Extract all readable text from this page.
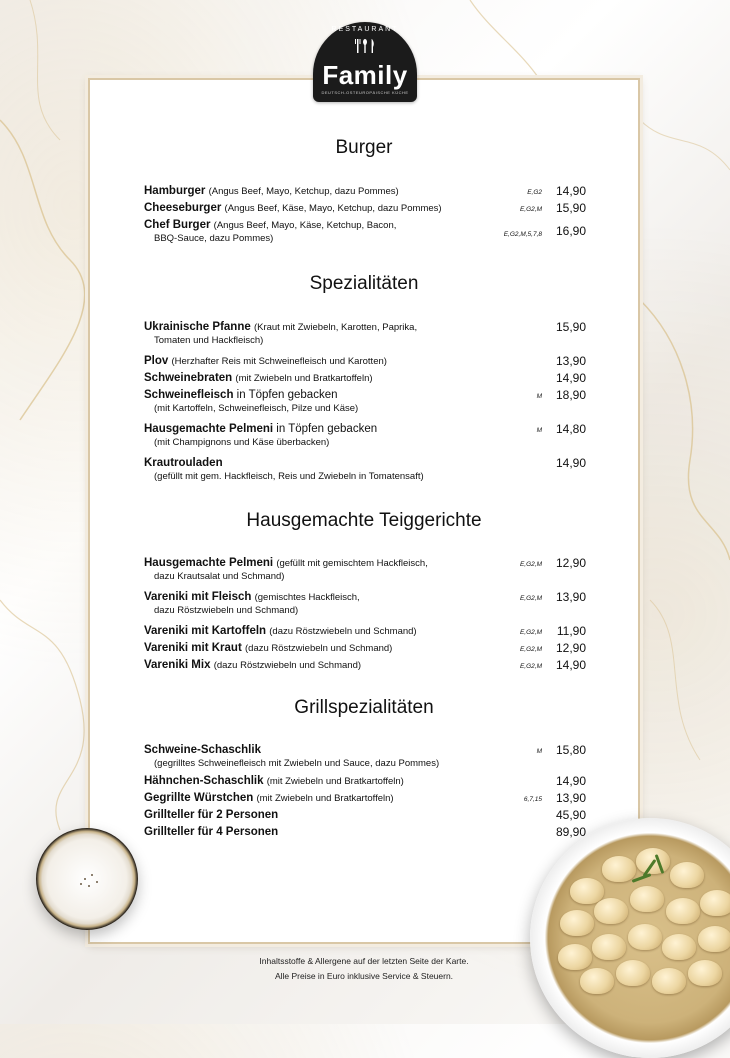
RESTAURANT
Family
DEUTSCH-OSTEUROPÄISCHE KÜCHE
Burger
Hamburger (Angus Beef, Mayo, Ketchup, dazu Pommes)	E,G2 14,90
Cheeseburger (Angus Beef, Käse, Mayo, Ketchup, dazu Pommes)	E,G2,M 15,90
Chef Burger (Angus Beef, Mayo, Käse, Ketchup, Bacon,
BBQ-Sauce, dazu Pommes)	E,G2,M,5,7,8 16,90
Spezialitäten
Ukrainische Pfanne (Kraut mit Zwiebeln, Karotten, Paprika,
Tomaten und Hackfleisch)
15,90
Plov (Herzhafter Reis mit Schweinefleisch und Karotten)	13,90
Schweinebraten (mit Zwiebeln und Bratkartoffeln)	14,90
Schweinefleisch in Töpfen gebacken
(mit Kartoffeln, Schweinefleisch, Pilze und Käse)
M 18,90
Hausgemachte Pelmeni in Töpfen gebacken
(mit Champignons und Käse überbacken)
M 14,80
Krautrouladen
(gefüllt mit gem. Hackfleisch, Reis und Zwiebeln in Tomatensaft)
14,90
Hausgemachte Teiggerichte
Hausgemachte Pelmeni (gefüllt mit gemischtem Hackfleisch,
dazu Krautsalat und Schmand)
E,G2,M 12,90
Vareniki mit Fleisch (gemischtes Hackfleisch,
dazu Röstzwiebeln und Schmand)
E,G2,M 13,90
Vareniki mit Kartoffeln (dazu Röstzwiebeln und Schmand)	E,G2,M 11,90
Vareniki mit Kraut (dazu Röstzwiebeln und Schmand)	E,G2,M 12,90
Vareniki Mix (dazu Röstzwiebeln und Schmand)	E,G2,M 14,90
Grillspezialitäten
Schweine-Schaschlik
(gegrilltes Schweinefleisch mit Zwiebeln und Sauce, dazu Pommes)
M 15,80
Hähnchen-Schaschlik (mit Zwiebeln und Bratkartoffeln)	14,90
Gegrillte Würstchen (mit Zwiebeln und Bratkartoffeln)	6,7,15 13,90
Grillteller für 2 Personen	45,90
Grillteller für 4 Personen	89,90
Inhaltsstoffe & Allergene auf der letzten Seite der Karte.
Alle Preise in Euro inklusive Service & Steuern.
